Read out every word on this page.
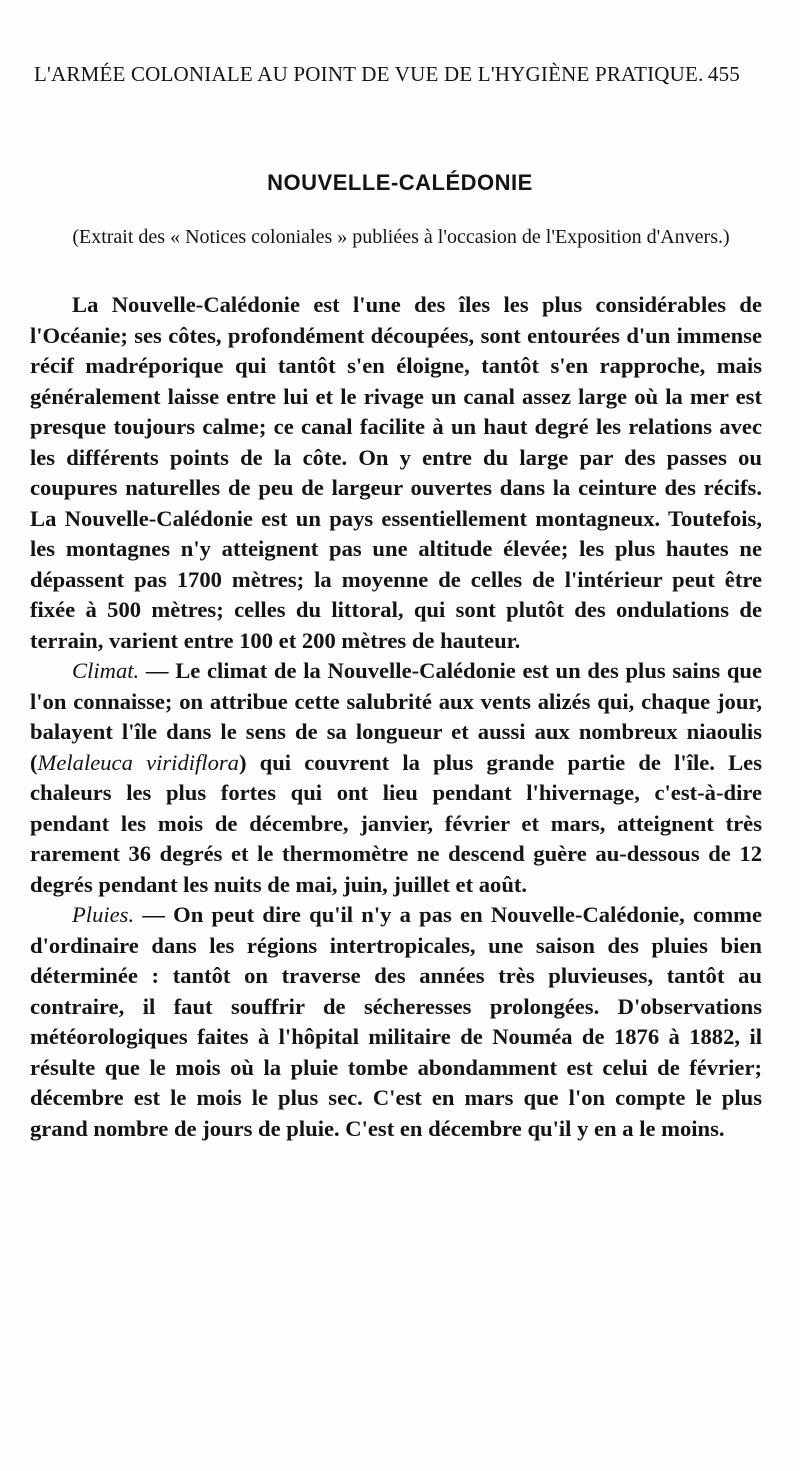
L'ARMÉE COLONIALE AU POINT DE VUE DE L'HYGIÈNE PRATIQUE. 455
NOUVELLE-CALÉDONIE
(Extrait des « Notices coloniales » publiées à l'occasion de l'Exposition d'Anvers.)

La Nouvelle-Calédonie est l'une des îles les plus considérables de l'Océanie; ses côtes, profondément découpées, sont entourées d'un immense récif madréporique qui tantôt s'en éloigne, tantôt s'en rapproche, mais généralement laisse entre lui et le rivage un canal assez large où la mer est presque toujours calme; ce canal facilite à un haut degré les relations avec les différents points de la côte. On y entre du large par des passes ou coupures naturelles de peu de largeur ouvertes dans la ceinture des récifs. La Nouvelle-Calédonie est un pays essentiellement montagneux. Toutefois, les montagnes n'y atteignent pas une altitude élevée; les plus hautes ne dépassent pas 1700 mètres; la moyenne de celles de l'intérieur peut être fixée à 500 mètres; celles du littoral, qui sont plutôt des ondulations de terrain, varient entre 100 et 200 mètres de hauteur.

Climat. — Le climat de la Nouvelle-Calédonie est un des plus sains que l'on connaisse; on attribue cette salubrité aux vents alizés qui, chaque jour, balayent l'île dans le sens de sa longueur et aussi aux nombreux niaoulis (Melaleuca viridiflora) qui couvrent la plus grande partie de l'île. Les chaleurs les plus fortes qui ont lieu pendant l'hivernage, c'est-à-dire pendant les mois de décembre, janvier, février et mars, atteignent très rarement 36 degrés et le thermomètre ne descend guère au-dessous de 12 degrés pendant les nuits de mai, juin, juillet et août.

Pluies. — On peut dire qu'il n'y a pas en Nouvelle-Calédonie, comme d'ordinaire dans les régions intertropicales, une saison des pluies bien déterminée : tantôt on traverse des années très pluvieuses, tantôt au contraire, il faut souffrir de sécheresses prolongées. D'observations météorologiques faites à l'hôpital militaire de Nouméa de 1876 à 1882, il résulte que le mois où la pluie tombe abondamment est celui de février; décembre est le mois le plus sec. C'est en mars que l'on compte le plus grand nombre de jours de pluie. C'est en décembre qu'il y en a le moins.
